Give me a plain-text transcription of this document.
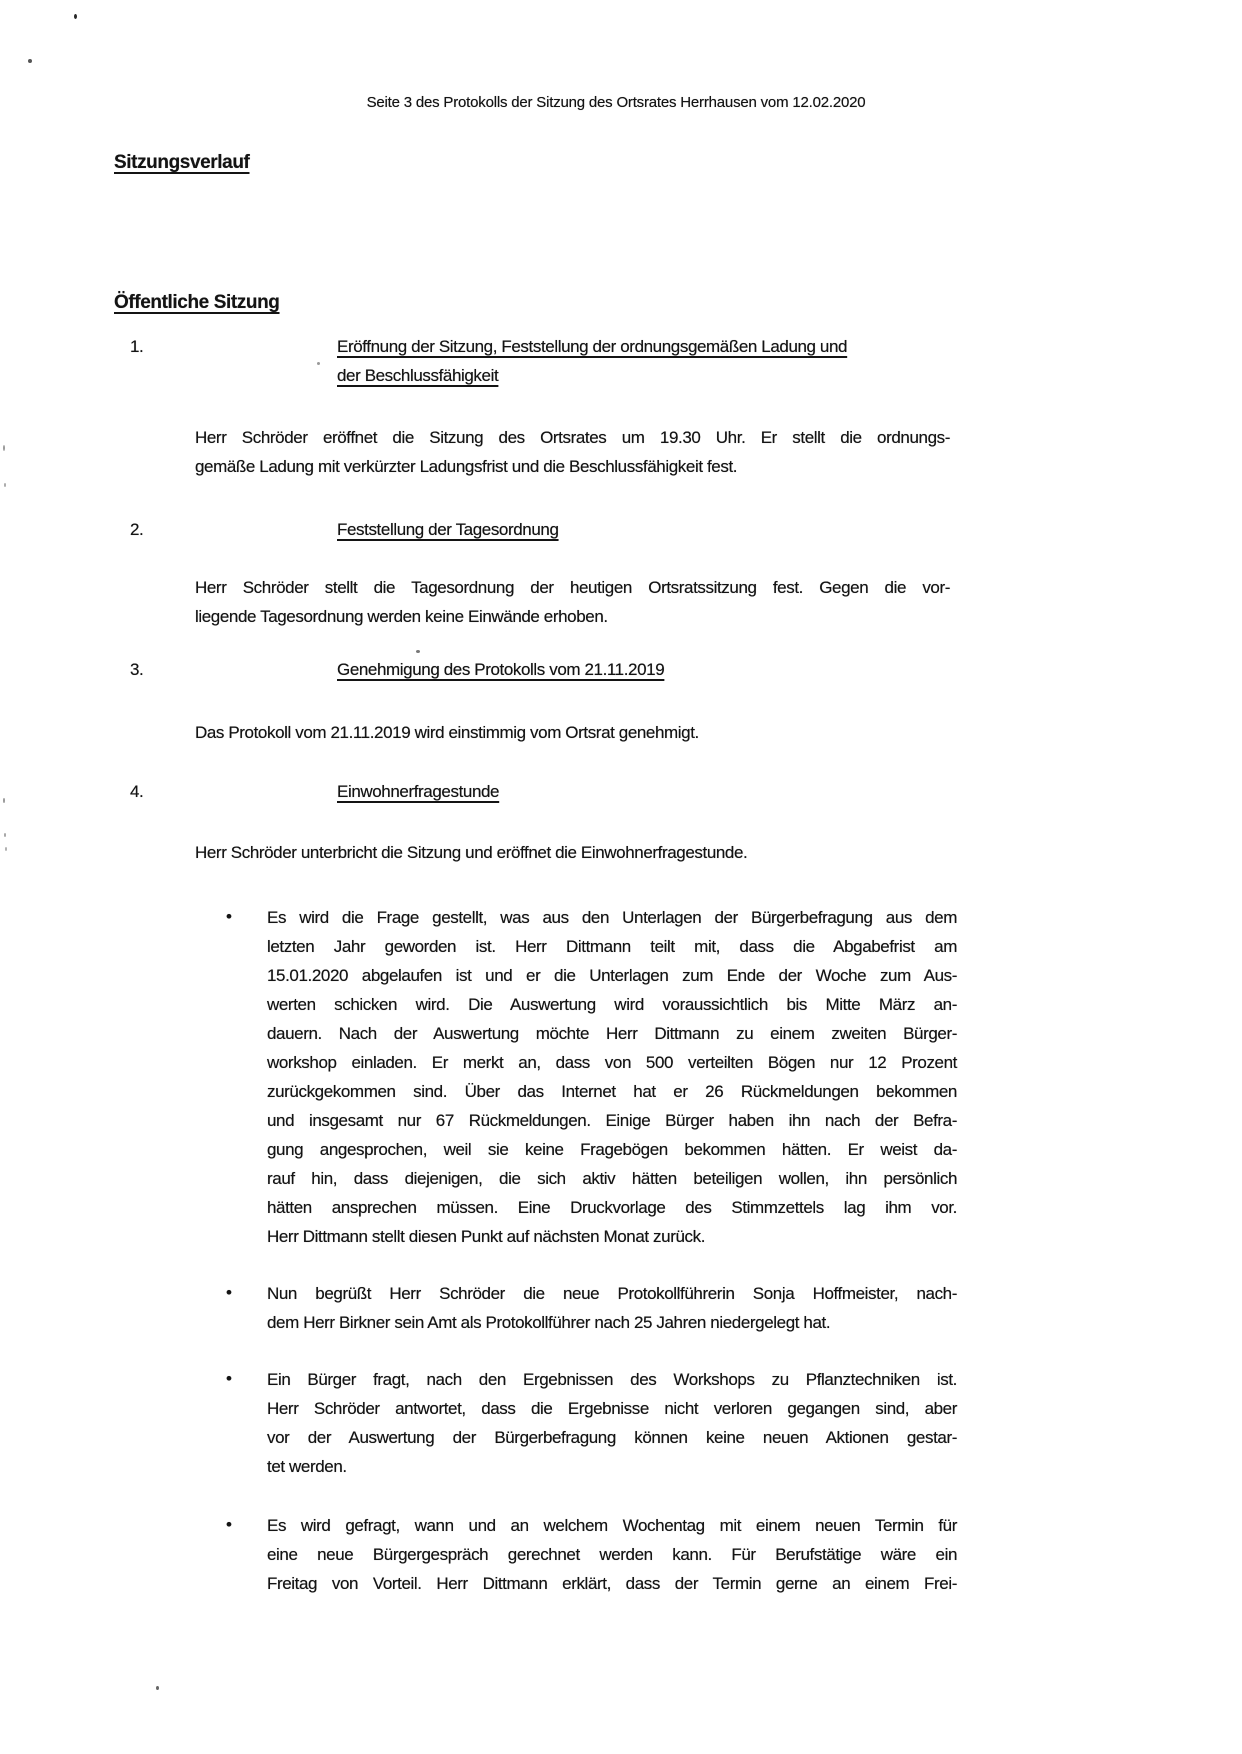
Seite 3 des Protokolls der Sitzung des Ortsrates Herrhausen vom 12.02.2020
Sitzungsverlauf
Öffentliche Sitzung
1.	Eröffnung der Sitzung, Feststellung der ordnungsgemäßen Ladung und
der Beschlussfähigkeit
Herr Schröder eröffnet die Sitzung des Ortsrates um 19.30 Uhr. Er stellt die ordnungs-
gemäße Ladung mit verkürzter Ladungsfrist und die Beschlussfähigkeit fest.
2.	Feststellung der Tagesordnung
Herr Schröder stellt die Tagesordnung der heutigen Ortsratssitzung fest. Gegen die vor-
liegende Tagesordnung werden keine Einwände erhoben.
3.	Genehmigung des Protokolls vom 21.11.2019
Das Protokoll vom 21.11.2019 wird einstimmig vom Ortsrat genehmigt.
4.	Einwohnerfragestunde
Herr Schröder unterbricht die Sitzung und eröffnet die Einwohnerfragestunde.
• Es wird die Frage gestellt, was aus den Unterlagen der Bürgerbefragung aus dem
letzten Jahr geworden ist. Herr Dittmann teilt mit, dass die Abgabefrist am
15.01.2020 abgelaufen ist und er die Unterlagen zum Ende der Woche zum Aus-
werten schicken wird. Die Auswertung wird voraussichtlich bis Mitte März an-
dauern. Nach der Auswertung möchte Herr Dittmann zu einem zweiten Bürger-
workshop einladen. Er merkt an, dass von 500 verteilten Bögen nur 12 Prozent
zurückgekommen sind. Über das Internet hat er 26 Rückmeldungen bekommen
und insgesamt nur 67 Rückmeldungen. Einige Bürger haben ihn nach der Befra-
gung angesprochen, weil sie keine Fragebögen bekommen hätten. Er weist da-
rauf hin, dass diejenigen, die sich aktiv hätten beteiligen wollen, ihn persönlich
hätten ansprechen müssen. Eine Druckvorlage des Stimmzettels lag ihm vor.
Herr Dittmann stellt diesen Punkt auf nächsten Monat zurück.
• Nun begrüßt Herr Schröder die neue Protokollführerin Sonja Hoffmeister, nach-
dem Herr Birkner sein Amt als Protokollführer nach 25 Jahren niedergelegt hat.
• Ein Bürger fragt, nach den Ergebnissen des Workshops zu Pflanztechniken ist.
Herr Schröder antwortet, dass die Ergebnisse nicht verloren gegangen sind, aber
vor der Auswertung der Bürgerbefragung können keine neuen Aktionen gestar-
tet werden.
• Es wird gefragt, wann und an welchem Wochentag mit einem neuen Termin für
eine neue Bürgergespräch gerechnet werden kann. Für Berufstätige wäre ein
Freitag von Vorteil. Herr Dittmann erklärt, dass der Termin gerne an einem Frei-
